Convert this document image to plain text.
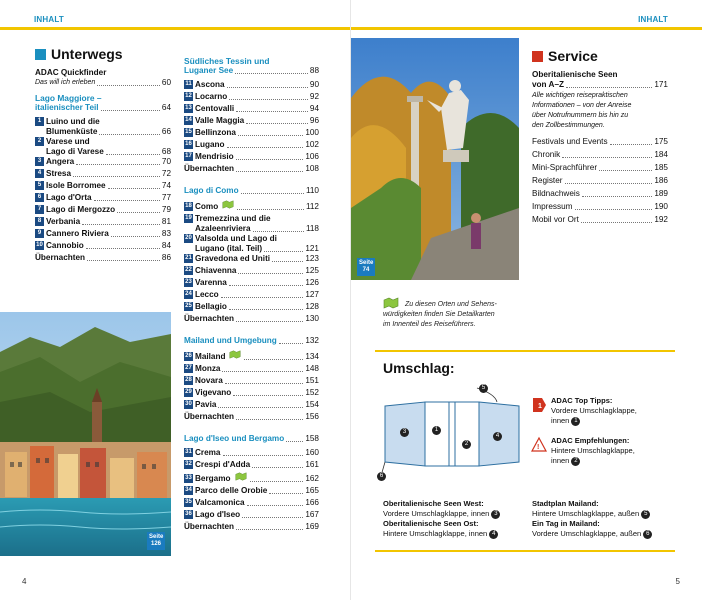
INHALT
Unterwegs
ADAC Quickfinder
Das will ich erleben	60
Lago Maggiore –
italienischer Teil	64
1 Luino und die
Blumenküste	66
2 Varese und
Lago di Varese	68
3 Angera	70
4 Stresa	72
5 Isole Borromee	74
6 Lago d'Orta	77
7 Lago di Mergozzo	79
8 Verbania	81
9 Cannero Riviera	83
10 Cannobio	84
Übernachten	86
Südliches Tessin und
Luganer See	88
11 Ascona	90
12 Locarno	92
13 Centovalli	94
14 Valle Maggia	96
15 Bellinzona	100
16 Lugano	102
17 Mendrisio	106
Übernachten	108
Lago di Como	110
18 Como	112
19 Tremezzina und die
Azaleenriviera	118
20 Valsolda und Lago di
Lugano (ital. Teil)	121
21 Gravedona ed Uniti	123
22 Chiavenna	125
23 Varenna	126
24 Lecco	127
25 Bellagio	128
Übernachten	130
Mailand und Umgebung	132
26 Mailand	134
27 Monza	148
28 Novara	151
29 Vigevano	152
30 Pavia	154
Übernachten	156
Lago d'Iseo und Bergamo	158
31 Crema	160
32 Crespi d'Adda	161
33 Bergamo	162
34 Parco delle Orobie	165
35 Valcamonica	166
36 Lago d'Iseo	167
Übernachten	169
Seite
126
4
INHALT
Seite
74
Service
Oberitalienische Seen
von A–Z	171
Alle wichtigen reisepraktischen
Informationen – von der Anreise
über Notrufnummern bis hin zu
den Zollbestimmungen.
Festivals und Events	175
Chronik	184
Mini-Sprachführer	185
Register	186
Bildnachweis	189
Impressum	190
Mobil vor Ort	192
Zu diesen Orten und Sehens-
würdigkeiten finden Sie Detailkarten
im Innenteil des Reiseführers.
Umschlag:
3	1
2
4
5
6
1
ADAC Top Tipps:
Vordere Umschlagklappe,
innen 1
!
ADAC Empfehlungen:
Hintere Umschlagklappe,
innen 2
Oberitalienische Seen West:
Vordere Umschlagklappe, innen 3
Oberitalienische Seen Ost:
Hintere Umschlagklappe, innen 4
Stadtplan Mailand:
Hintere Umschlagklappe, außen 5
Ein Tag in Mailand:
Vordere Umschlagklappe, außen 6
5
